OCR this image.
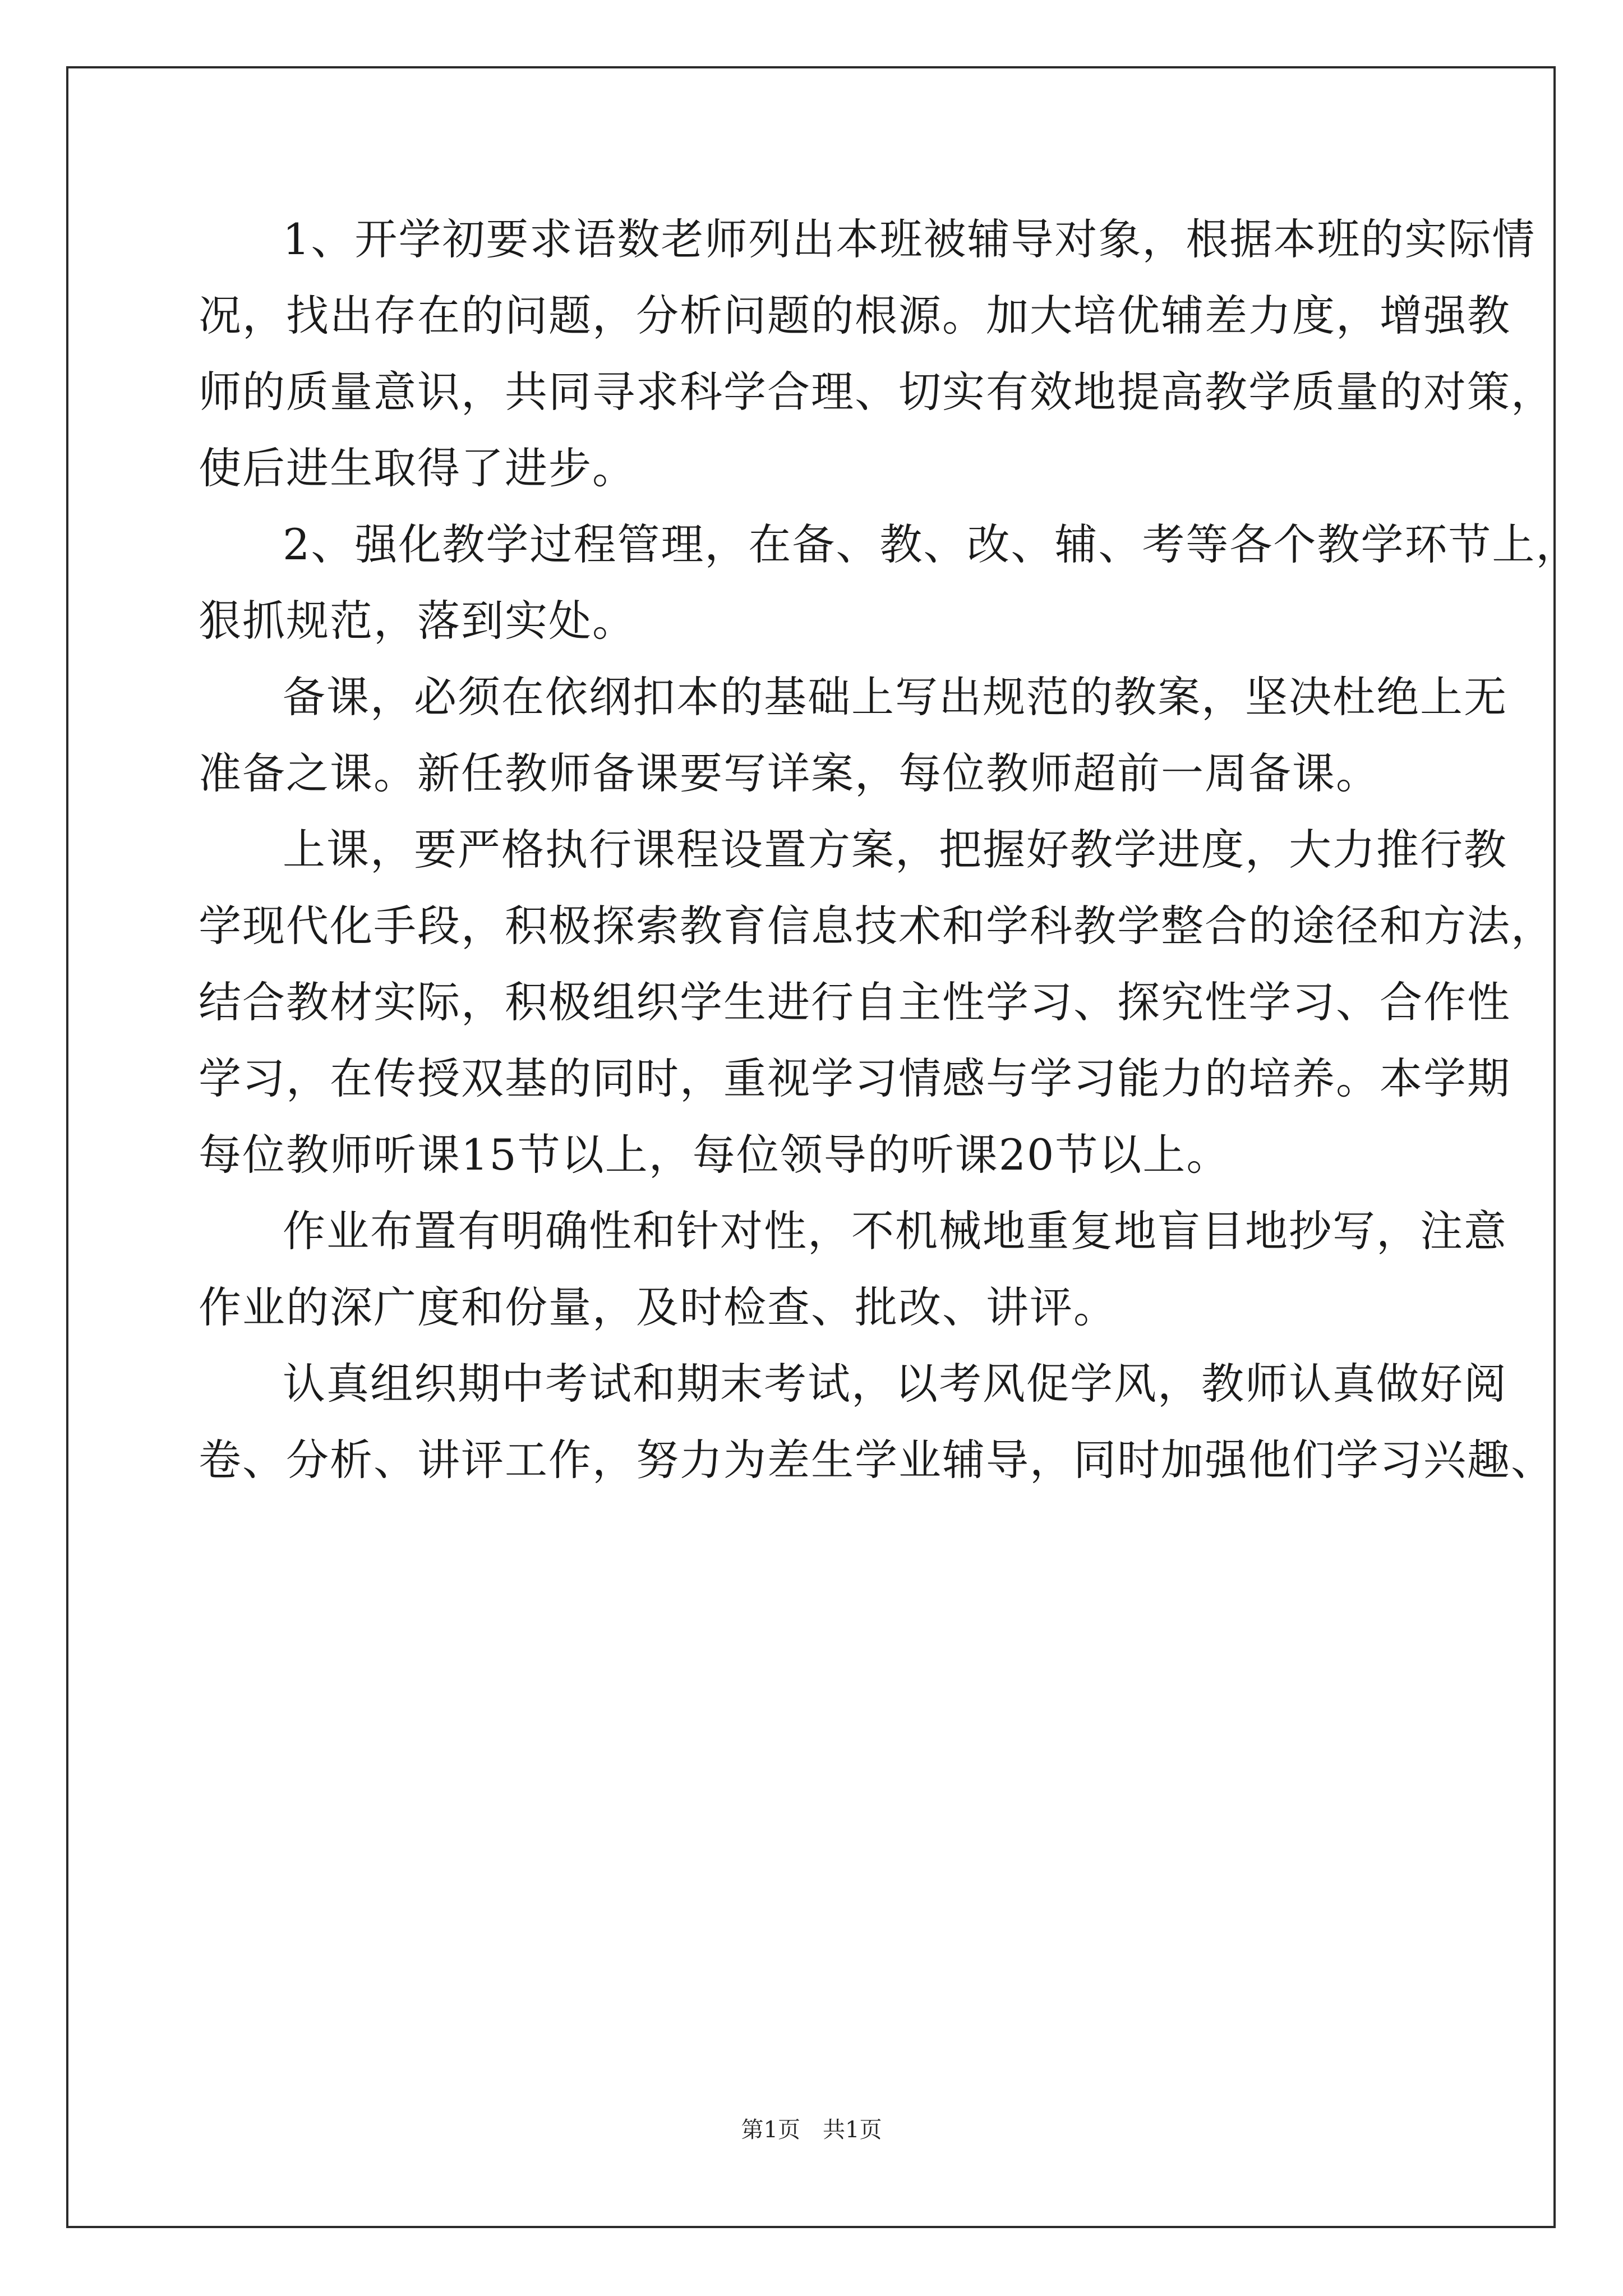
1、开学初要求语数老师列出本班被辅导对象，根据本班的实际情
况，找出存在的问题，分析问题的根源。加大培优辅差力度，增强教
师的质量意识，共同寻求科学合理、切实有效地提高教学质量的对策，
使后进生取得了进步。
2、强化教学过程管理，在备、教、改、辅、考等各个教学环节上，
狠抓规范，落到实处。
备课，必须在依纲扣本的基础上写出规范的教案，坚决杜绝上无
准备之课。新任教师备课要写详案，每位教师超前一周备课。
上课，要严格执行课程设置方案，把握好教学进度，大力推行教
学现代化手段，积极探索教育信息技术和学科教学整合的途径和方法，
结合教材实际，积极组织学生进行自主性学习、探究性学习、合作性
学习，在传授双基的同时，重视学习情感与学习能力的培养。本学期
每位教师听课15节以上，每位领导的听课20节以上。
作业布置有明确性和针对性，不机械地重复地盲目地抄写，注意
作业的深广度和份量，及时检查、批改、讲评。
认真组织期中考试和期末考试，以考风促学风，教师认真做好阅
卷、分析、讲评工作，努力为差生学业辅导，同时加强他们学习兴趣、
第1页 共1页
